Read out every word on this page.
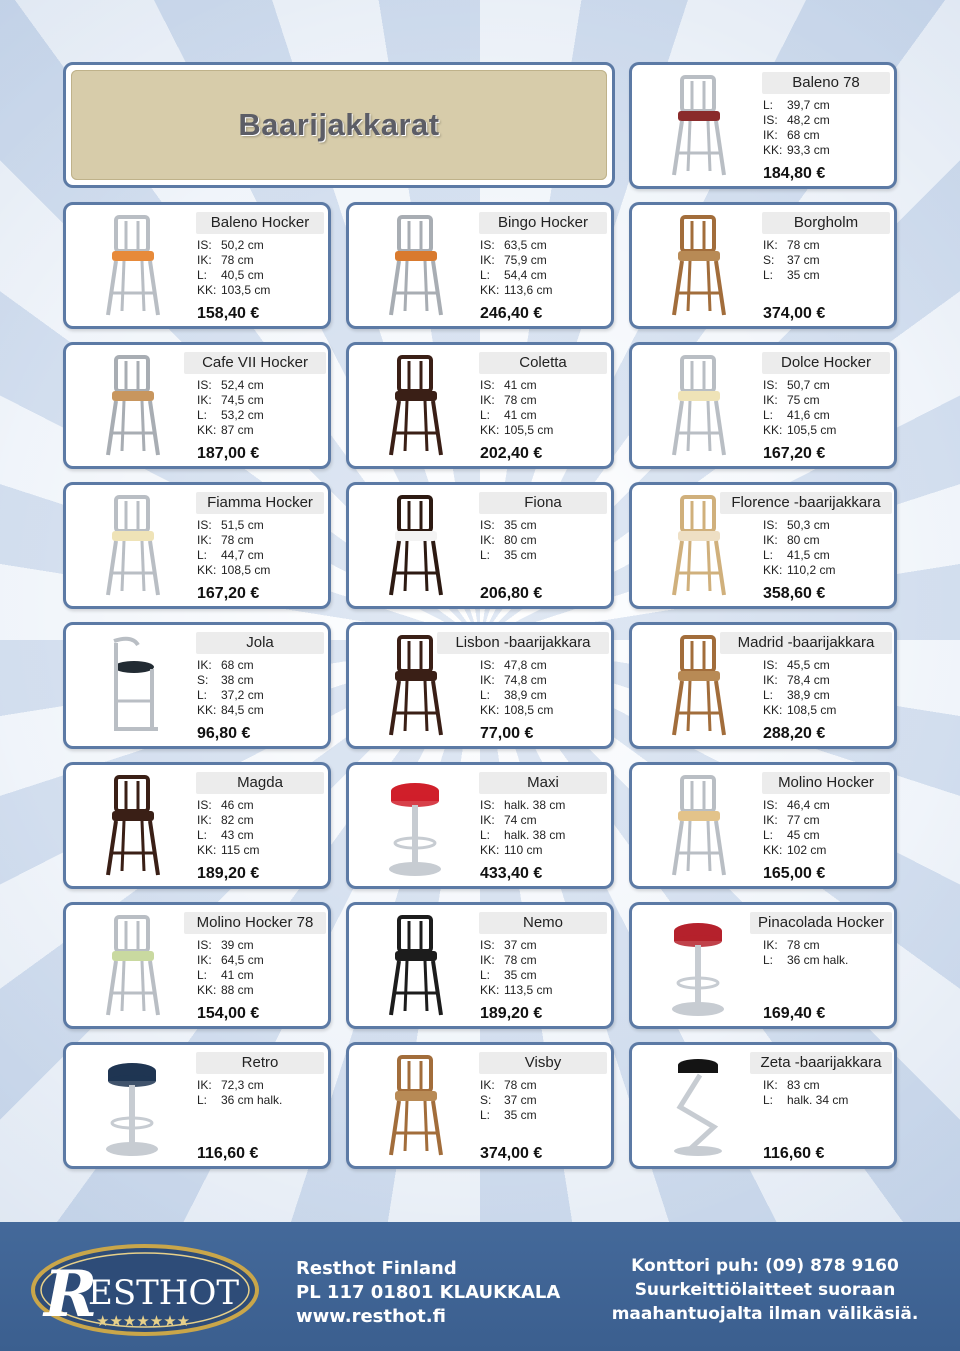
Baarijakkarat
Baleno 78
L:	39,7 cm
IS: 48,2 cm
IK: 68 cm
KK: 93,3 cm
184,80 €
Baleno Hocker
IS: 50,2 cm
IK: 78 cm
L:	40,5 cm
KK: 103,5 cm
158,40 €
Bingo Hocker
IS: 63,5 cm
IK: 75,9 cm
L:	54,4 cm
KK: 113,6 cm
246,40 €
Borgholm
IK: 78 cm
S:	37 cm
L:	35 cm
374,00 €
Cafe VII Hocker
IS: 52,4 cm
IK: 74,5 cm
L:	53,2 cm
KK: 87 cm
187,00 €
Coletta
IS: 41 cm
IK: 78 cm
L:	41 cm
KK: 105,5 cm
202,40 €
Dolce Hocker
IS: 50,7 cm
IK: 75 cm
L:	41,6 cm
KK: 105,5 cm
167,20 €
Fiamma Hocker
IS: 51,5 cm
IK: 78 cm
L:	44,7 cm
KK: 108,5 cm
167,20 €
Fiona
IS: 35 cm
IK: 80 cm
L:	35 cm
206,80 €
Florence -baarijakkara
IS: 50,3 cm
IK: 80 cm
L:	41,5 cm
KK: 110,2 cm
358,60 €
Jola
IK: 68 cm
S:	38 cm
L:	37,2 cm
KK: 84,5 cm
96,80 €
Lisbon -baarijakkara
IS: 47,8 cm
IK: 74,8 cm
L:	38,9 cm
KK: 108,5 cm
77,00 €
Madrid -baarijakkara
IS: 45,5 cm
IK: 78,4 cm
L:	38,9 cm
KK: 108,5 cm
288,20 €
Magda
IS: 46 cm
IK: 82 cm
L:	43 cm
KK: 115 cm
189,20 €
Maxi
IS: halk. 38 cm
IK: 74 cm
L:	halk. 38 cm
KK: 110 cm
433,40 €
Molino Hocker
IS: 46,4 cm
IK: 77 cm
L:	45 cm
KK: 102 cm
165,00 €
Molino Hocker 78
IS: 39 cm
IK: 64,5 cm
L:	41 cm
KK: 88 cm
154,00 €
Nemo
IS: 37 cm
IK: 78 cm
L:	35 cm
KK: 113,5 cm
189,20 €
Pinacolada Hocker
IK: 78 cm
L:	36 cm halk.
169,40 €
Retro
IK: 72,3 cm
L:	36 cm halk.
116,60 €
Visby
IK: 78 cm
S:	37 cm
L:	35 cm
374,00 €
Zeta -baarijakkara
IK: 83 cm
L:	halk. 34 cm
116,60 €
R
ESTHOT
★★★★★★★
Resthot Finland
PL 117 01801 KLAUKKALA
www.resthot.fi
Konttori puh: (09) 878 9160
Suurkeittiölaitteet suoraan
maahantuojalta ilman välikäsiä.
